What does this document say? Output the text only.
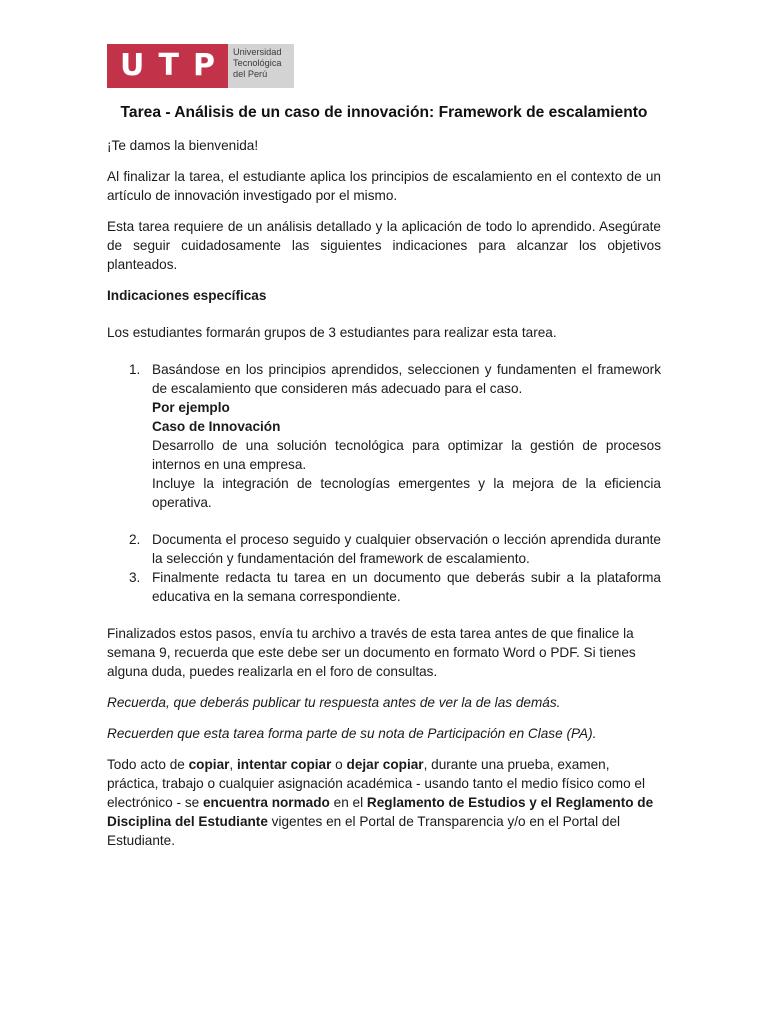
U T P Universidad
Tecnológica
del Perú
Tarea - Análisis de un caso de innovación: Framework de escalamiento

¡Te damos la bienvenida!

Al finalizar la tarea, el estudiante aplica los principios de escalamiento en el contexto de un artículo de innovación investigado por el mismo.

Esta tarea requiere de un análisis detallado y la aplicación de todo lo aprendido. Asegúrate de seguir cuidadosamente las siguientes indicaciones para alcanzar los objetivos planteados.

Indicaciones específicas

Los estudiantes formarán grupos de 3 estudiantes para realizar esta tarea.

1. Basándose en los principios aprendidos, seleccionen y fundamenten el framework de escalamiento que consideren más adecuado para el caso.
Por ejemplo
Caso de Innovación
Desarrollo de una solución tecnológica para optimizar la gestión de procesos internos en una empresa.
Incluye la integración de tecnologías emergentes y la mejora de la eficiencia operativa.
2. Documenta el proceso seguido y cualquier observación o lección aprendida durante la selección y fundamentación del framework de escalamiento.
3. Finalmente redacta tu tarea en un documento que deberás subir a la plataforma educativa en la semana correspondiente.

Finalizados estos pasos, envía tu archivo a través de esta tarea antes de que finalice la semana 9, recuerda que este debe ser un documento en formato Word o PDF. Si tienes alguna duda, puedes realizarla en el foro de consultas.

Recuerda, que deberás publicar tu respuesta antes de ver la de las demás.

Recuerden que esta tarea forma parte de su nota de Participación en Clase (PA).

Todo acto de copiar, intentar copiar o dejar copiar, durante una prueba, examen, práctica, trabajo o cualquier asignación académica - usando tanto el medio físico como el electrónico - se encuentra normado en el Reglamento de Estudios y el Reglamento de Disciplina del Estudiante vigentes en el Portal de Transparencia y/o en el Portal del Estudiante.
